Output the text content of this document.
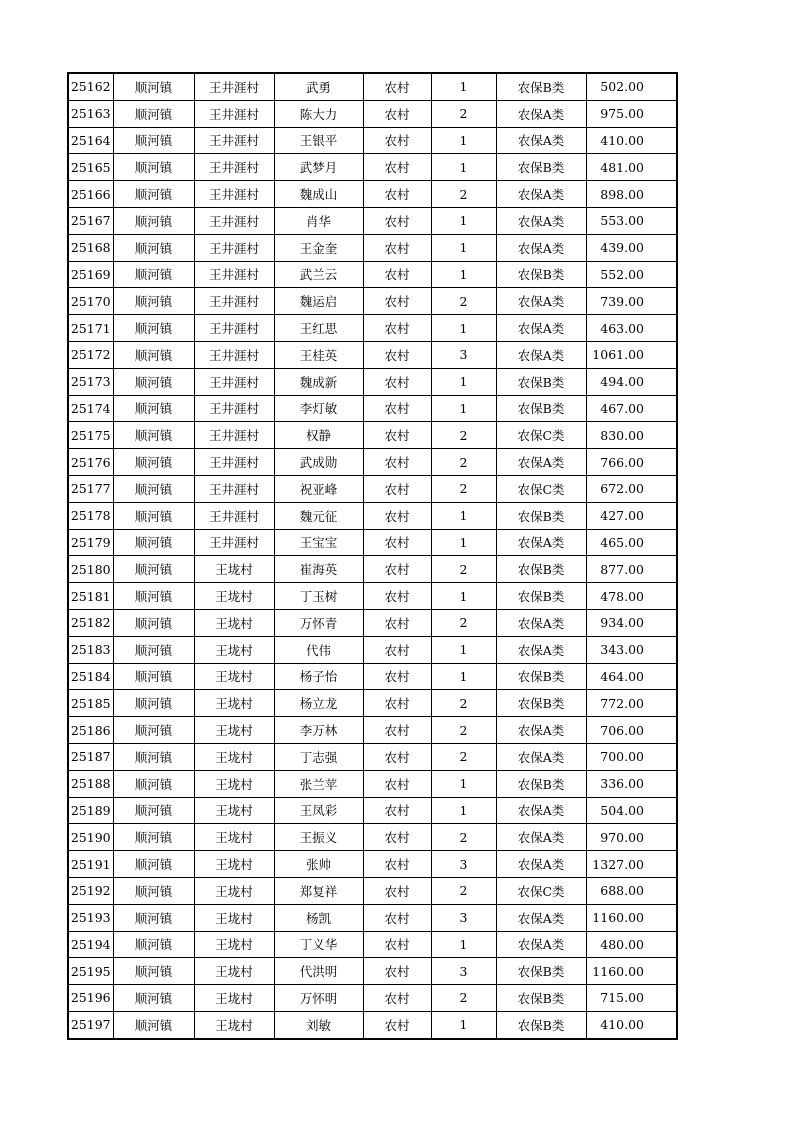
25162	顺河镇	王井涯村	武勇	农村	1	农保B类	502.00
25163	顺河镇	王井涯村	陈大力	农村	2	农保A类	975.00
25164	顺河镇	王井涯村	王银平	农村	1	农保A类	410.00
25165	顺河镇	王井涯村	武梦月	农村	1	农保B类	481.00
25166	顺河镇	王井涯村	魏成山	农村	2	农保A类	898.00
25167	顺河镇	王井涯村	肖华	农村	1	农保A类	553.00
25168	顺河镇	王井涯村	王金奎	农村	1	农保A类	439.00
25169	顺河镇	王井涯村	武兰云	农村	1	农保B类	552.00
25170	顺河镇	王井涯村	魏运启	农村	2	农保A类	739.00
25171	顺河镇	王井涯村	王红思	农村	1	农保A类	463.00
25172	顺河镇	王井涯村	王桂英	农村	3	农保A类	1061.00
25173	顺河镇	王井涯村	魏成新	农村	1	农保B类	494.00
25174	顺河镇	王井涯村	李灯敏	农村	1	农保B类	467.00
25175	顺河镇	王井涯村	权静	农村	2	农保C类	830.00
25176	顺河镇	王井涯村	武成勋	农村	2	农保A类	766.00
25177	顺河镇	王井涯村	祝亚峰	农村	2	农保C类	672.00
25178	顺河镇	王井涯村	魏元征	农村	1	农保B类	427.00
25179	顺河镇	王井涯村	王宝宝	农村	1	农保A类	465.00
25180	顺河镇	王垅村	崔海英	农村	2	农保B类	877.00
25181	顺河镇	王垅村	丁玉树	农村	1	农保B类	478.00
25182	顺河镇	王垅村	万怀青	农村	2	农保A类	934.00
25183	顺河镇	王垅村	代伟	农村	1	农保A类	343.00
25184	顺河镇	王垅村	杨子怡	农村	1	农保B类	464.00
25185	顺河镇	王垅村	杨立龙	农村	2	农保B类	772.00
25186	顺河镇	王垅村	李万林	农村	2	农保A类	706.00
25187	顺河镇	王垅村	丁志强	农村	2	农保A类	700.00
25188	顺河镇	王垅村	张兰苹	农村	1	农保B类	336.00
25189	顺河镇	王垅村	王凤彩	农村	1	农保A类	504.00
25190	顺河镇	王垅村	王振义	农村	2	农保A类	970.00
25191	顺河镇	王垅村	张帅	农村	3	农保A类	1327.00
25192	顺河镇	王垅村	郑复祥	农村	2	农保C类	688.00
25193	顺河镇	王垅村	杨凯	农村	3	农保A类	1160.00
25194	顺河镇	王垅村	丁义华	农村	1	农保A类	480.00
25195	顺河镇	王垅村	代洪明	农村	3	农保B类	1160.00
25196	顺河镇	王垅村	万怀明	农村	2	农保B类	715.00
25197	顺河镇	王垅村	刘敏	农村	1	农保B类	410.00
